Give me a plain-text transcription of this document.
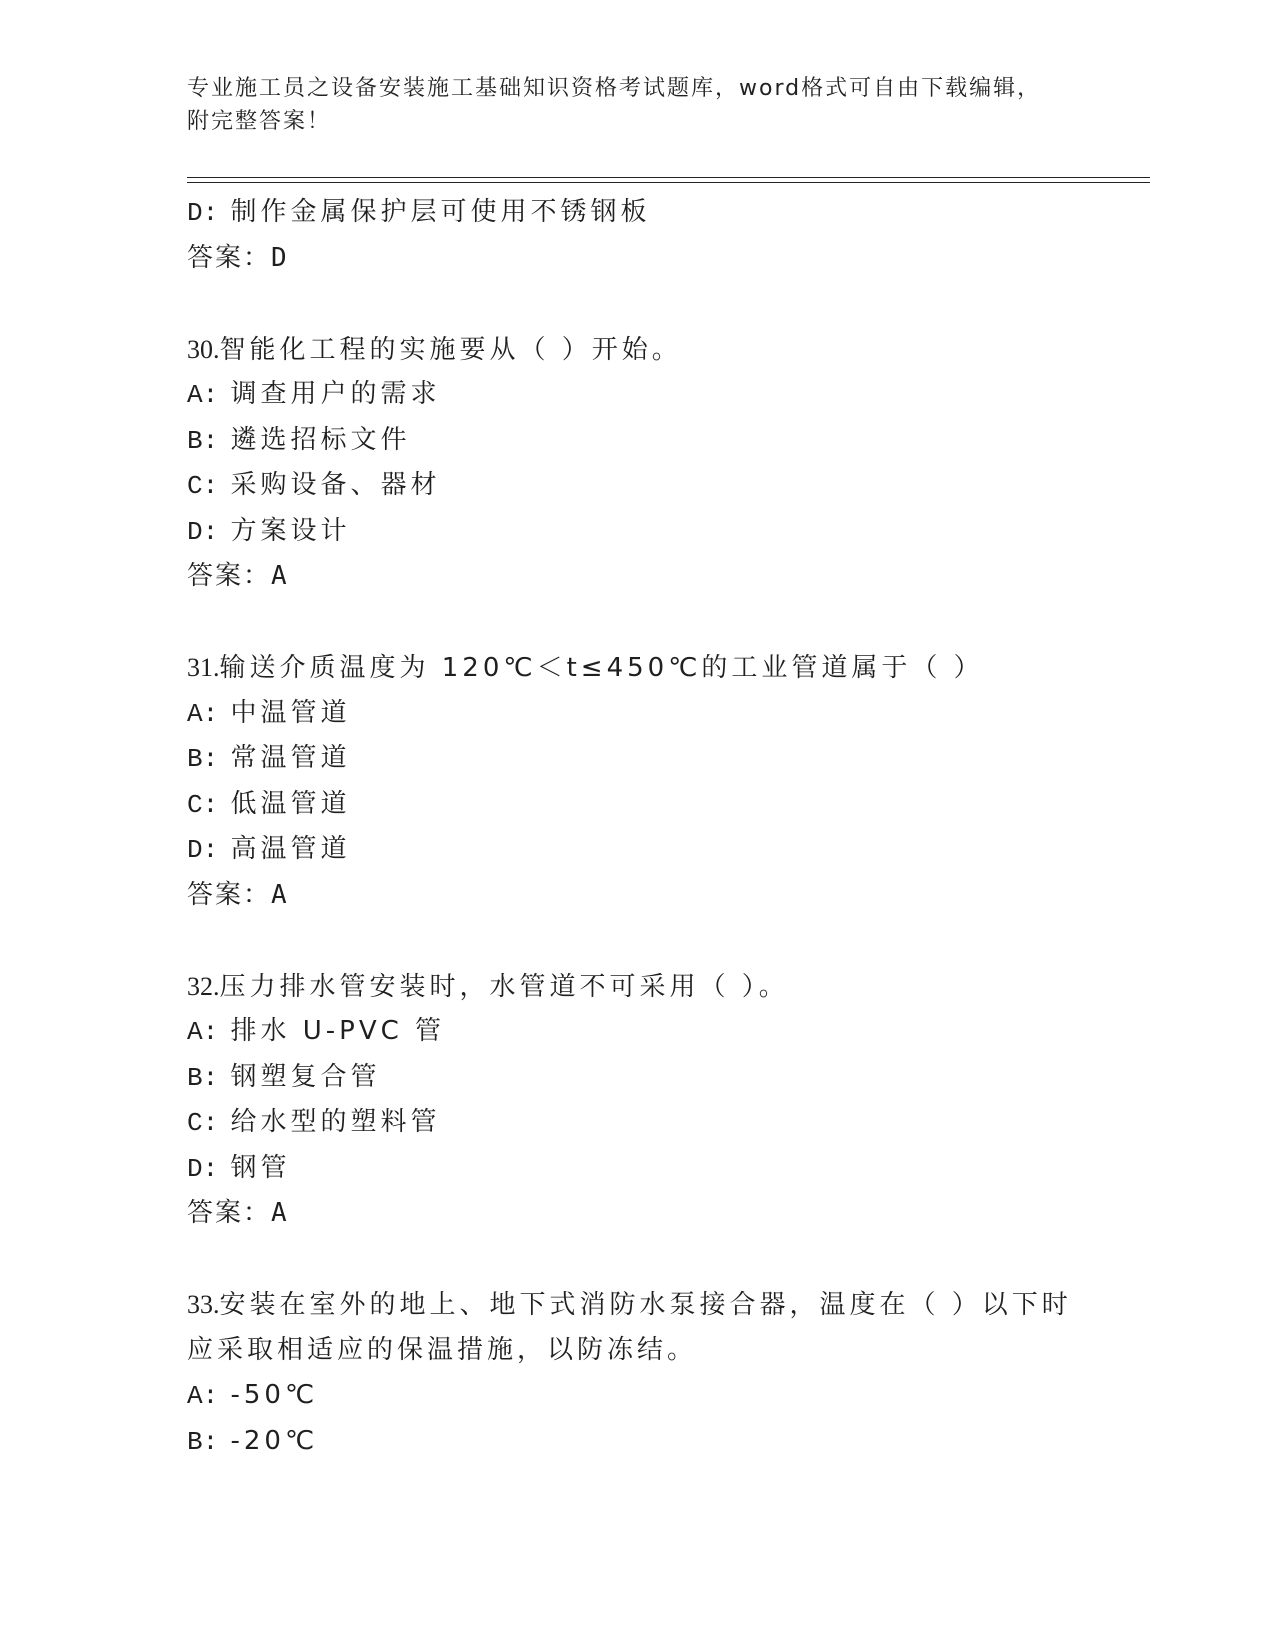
专业施工员之设备安装施工基础知识资格考试题库，word格式可自由下载编辑，
附完整答案！
D: 制作金属保护层可使用不锈钢板
答案：D
30.智能化工程的实施要从（ ）开始。
A: 调查用户的需求
B: 遴选招标文件
C: 采购设备、器材
D: 方案设计
答案：A
31.输送介质温度为 120℃＜t≤450℃的工业管道属于（ ）
A: 中温管道
B: 常温管道
C: 低温管道
D: 高温管道
答案：A
32.压力排水管安装时，水管道不可采用（ ）。
A: 排水 U-PVC 管
B: 钢塑复合管
C: 给水型的塑料管
D: 钢管
答案：A
33.安装在室外的地上、地下式消防水泵接合器，温度在（ ）以下时
应采取相适应的保温措施，以防冻结。
A: -50℃
B: -20℃
